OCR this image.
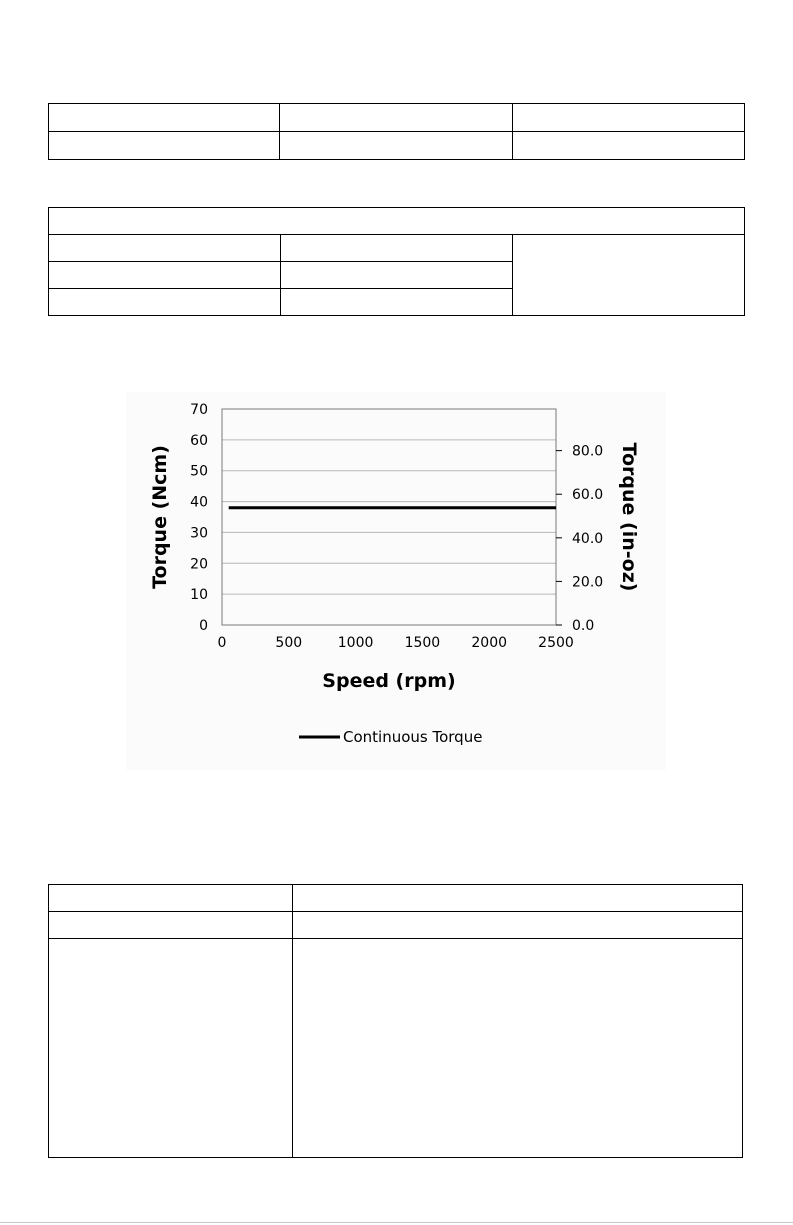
0
10
20
30
40
50
60
70
0.0
20.0
40.0
60.0
80.0
0	500	1000 1500 2000 2500
Speed (rpm)
Torque (Ncm)	Torque (in-oz)
Continuous Torque
